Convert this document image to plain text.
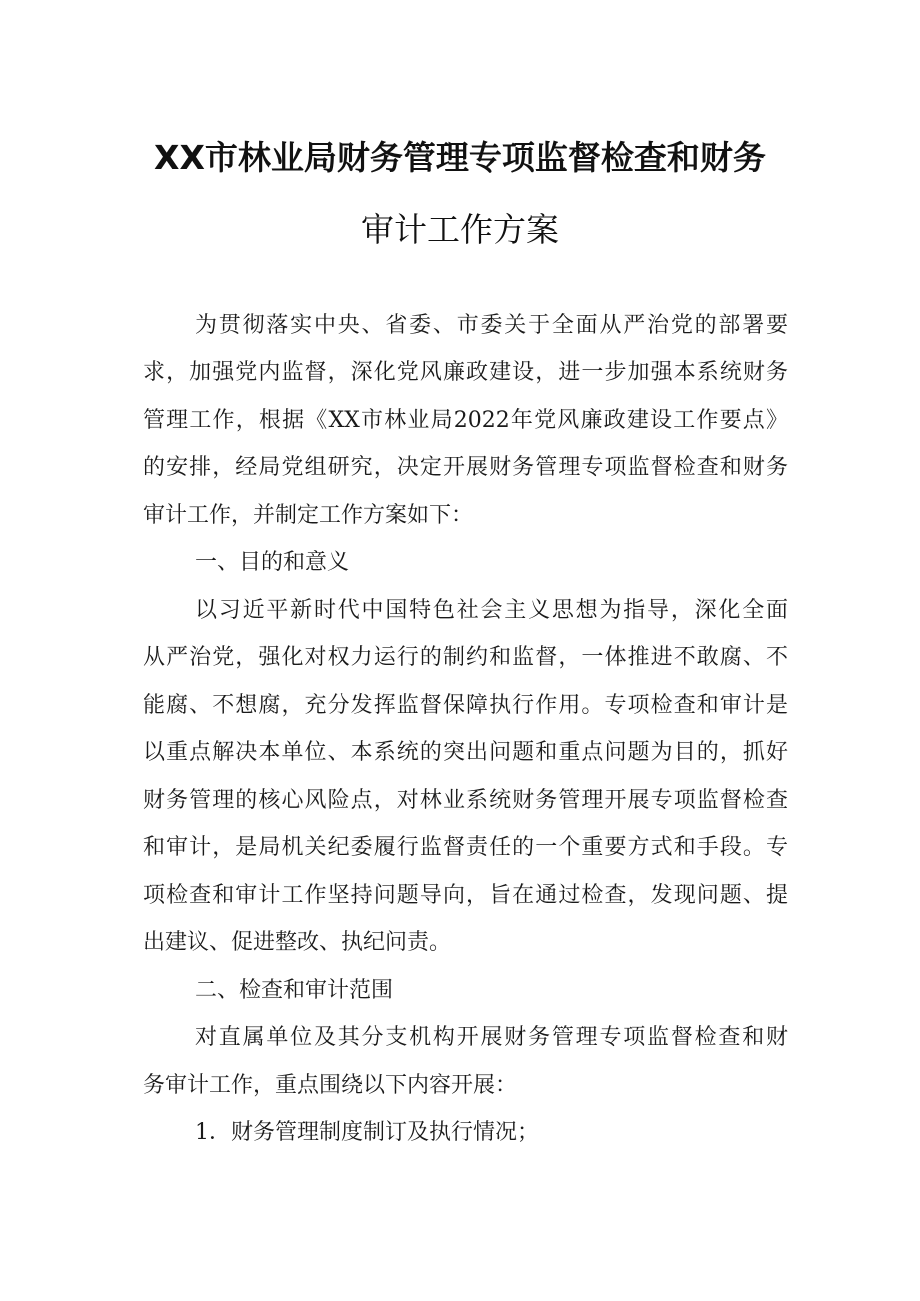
XX市林业局财务管理专项监督检查和财务
审计工作方案
为贯彻落实中央、省委、市委关于全面从严治党的部署要
求，加强党内监督，深化党风廉政建设，进一步加强本系统财务
管理工作，根据《XX市林业局2022年党风廉政建设工作要点》
的安排，经局党组研究，决定开展财务管理专项监督检查和财务
审计工作，并制定工作方案如下：
一、目的和意义
以习近平新时代中国特色社会主义思想为指导，深化全面
从严治党，强化对权力运行的制约和监督，一体推进不敢腐、不
能腐、不想腐，充分发挥监督保障执行作用。专项检查和审计是
以重点解决本单位、本系统的突出问题和重点问题为目的，抓好
财务管理的核心风险点，对林业系统财务管理开展专项监督检查
和审计，是局机关纪委履行监督责任的一个重要方式和手段。专
项检查和审计工作坚持问题导向，旨在通过检查，发现问题、提
出建议、促进整改、执纪问责。
二、检查和审计范围
对直属单位及其分支机构开展财务管理专项监督检查和财
务审计工作，重点围绕以下内容开展：
1．财务管理制度制订及执行情况；
